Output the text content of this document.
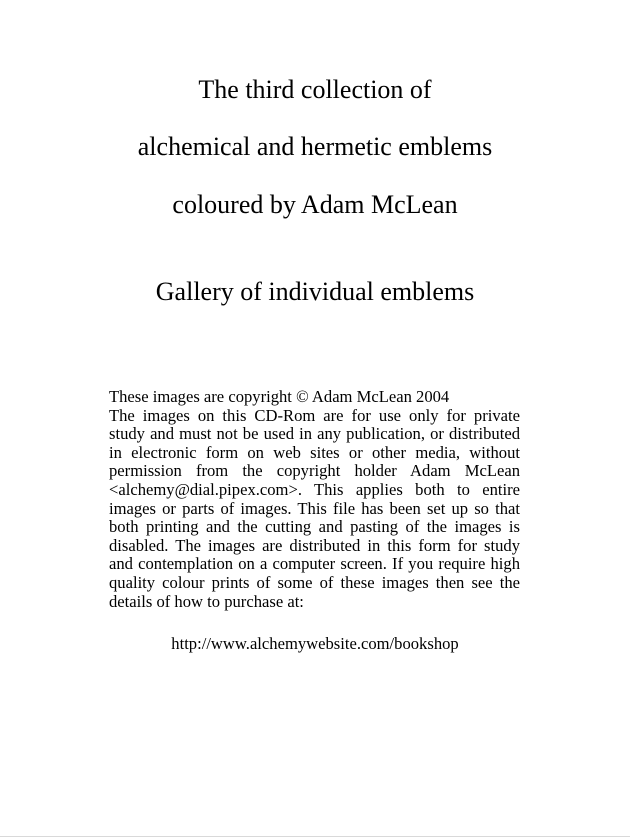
The third collection of
alchemical and hermetic emblems
coloured by Adam McLean
Gallery of individual emblems

These images are copyright © Adam McLean 2004

The images on this CD-Rom are for use only for private study and must not be used in any publication, or distributed in electronic form on web sites or other media, without permission from the copyright holder Adam McLean <alchemy@dial.pipex.com>. This applies both to entire images or parts of images. This file has been set up so that both printing and the cutting and pasting of the images is disabled. The images are distributed in this form for study and contemplation on a computer screen. If you require high quality colour prints of some of these images then see the details of how to purchase at:

http://www.alchemywebsite.com/bookshop
